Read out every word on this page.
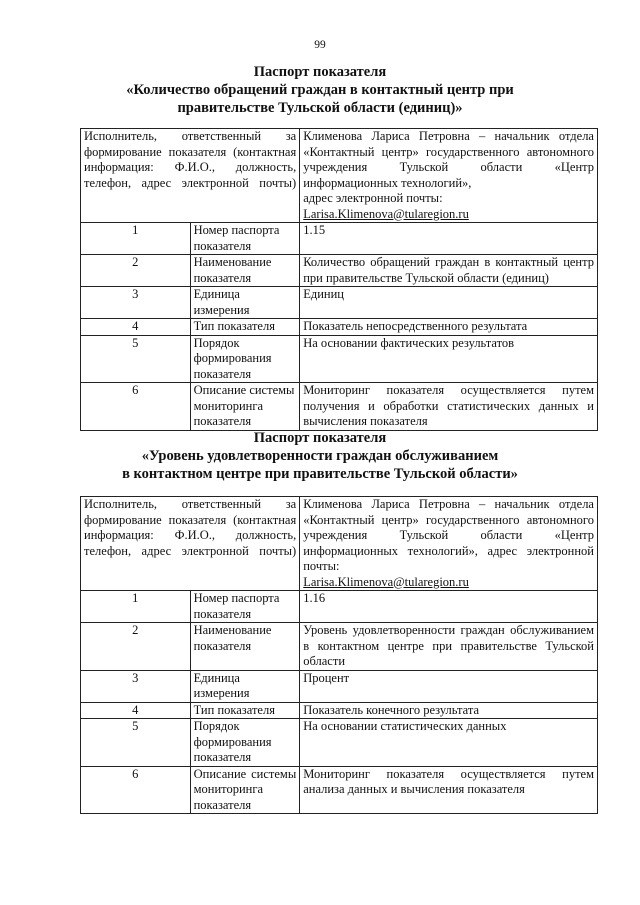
99
Паспорт показателя
«Количество обращений граждан в контактный центр при
правительстве Тульской области (единиц)»
Исполнитель, ответственный за формирование показателя (контактная информация: Ф.И.О., должность, телефон, адрес электронной почты)		Клименова Лариса Петровна – начальник отдела «Контактный центр» государственного автономного учреждения Тульской области «Центр информационных технологий»,
адрес электронной почты:
Larisa.Klimenova@tularegion.ru
1	Номер паспорта показателя	1.15
2	Наименование показателя	Количество обращений граждан в контактный центр при правительстве Тульской области (единиц)
3	Единица измерения	Единиц
4	Тип показателя	Показатель непосредственного результата
5	Порядок формирования показателя	На основании фактических результатов
6	Описание системы мониторинга показателя	Мониторинг показателя осуществляется путем получения и обработки статистических данных и вычисления показателя
Паспорт показателя
«Уровень удовлетворенности граждан обслуживанием
в контактном центре при правительстве Тульской области»
Исполнитель, ответственный за формирование показателя (контактная информация: Ф.И.О., должность, телефон, адрес электронной почты)		Клименова Лариса Петровна – начальник отдела «Контактный центр» государственного автономного учреждения Тульской области «Центр информационных технологий», адрес электронной почты:
Larisa.Klimenova@tularegion.ru
1	Номер паспорта показателя	1.16
2	Наименование показателя	Уровень удовлетворенности граждан обслуживанием в контактном центре при правительстве Тульской области
3	Единица измерения	Процент
4	Тип показателя	Показатель конечного результата
5	Порядок формирования показателя	На основании статистических данных
6	Описание системы мониторинга показателя	Мониторинг показателя осуществляется путем анализа данных и вычисления показателя
